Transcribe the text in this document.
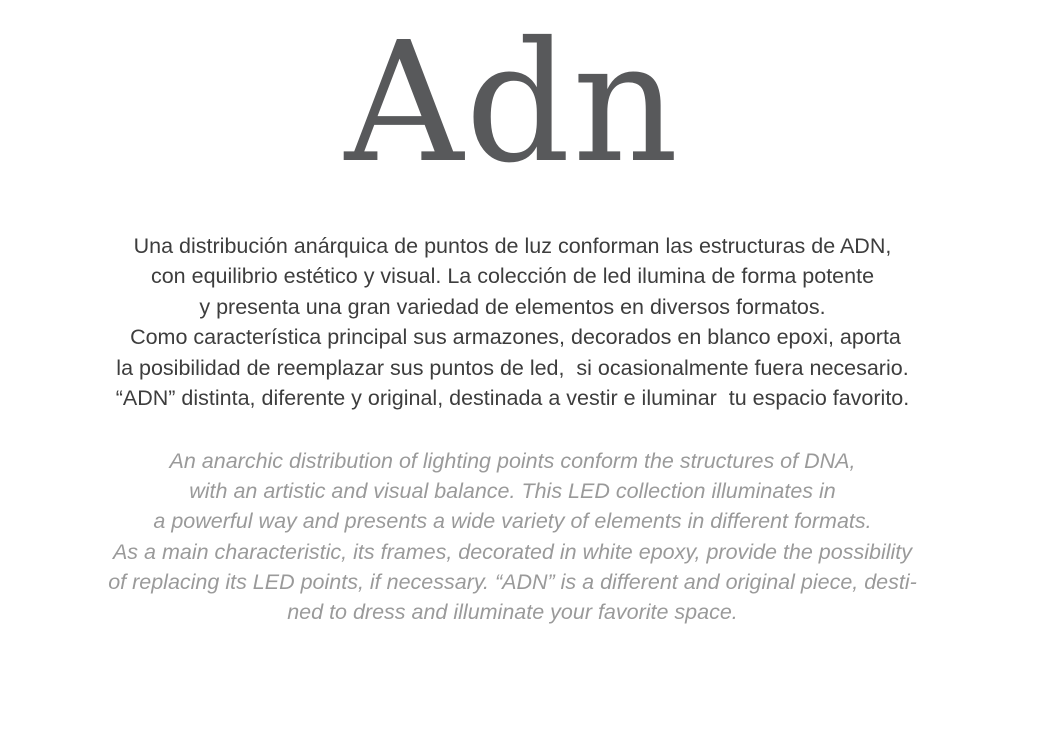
Adn
Una distribución anárquica de puntos de luz conforman las estructuras de ADN,
con equilibrio estético y visual. La colección de led ilumina de forma potente
y presenta una gran variedad de elementos en diversos formatos.
Como característica principal sus armazones, decorados en blanco epoxi, aporta
la posibilidad de reemplazar sus puntos de led,  si ocasionalmente fuera necesario.
“ADN” distinta, diferente y original, destinada a vestir e iluminar  tu espacio favorito.
An anarchic distribution of lighting points conform the structures of DNA,
with an artistic and visual balance. This LED collection illuminates in
a powerful way and presents a wide variety of elements in different formats.
As a main characteristic, its frames, decorated in white epoxy, provide the possibility
of replacing its LED points, if necessary. “ADN” is a different and original piece, desti-
ned to dress and illuminate your favorite space.
